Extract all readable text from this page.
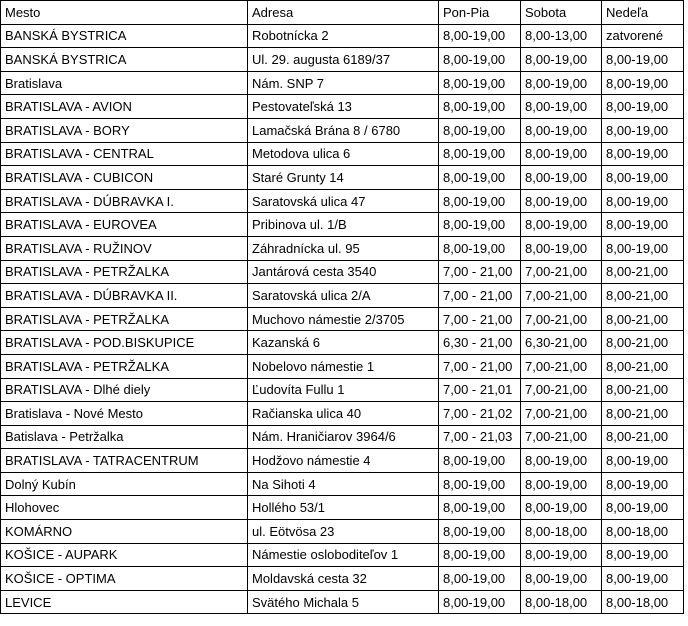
Mesto	Adresa	Pon-Pia	Sobota	Nedeľa
BANSKÁ BYSTRICA	Robotnícka 2	8,00-19,00	8,00-13,00	zatvorené
BANSKÁ BYSTRICA	Ul. 29. augusta 6189/37	8,00-19,00	8,00-19,00	8,00-19,00
Bratislava	Nám. SNP 7	8,00-19,00	8,00-19,00	8,00-19,00
BRATISLAVA - AVION	Pestovateľská 13	8,00-19,00	8,00-19,00	8,00-19,00
BRATISLAVA - BORY	Lamačská Brána 8 / 6780	8,00-19,00	8,00-19,00	8,00-19,00
BRATISLAVA - CENTRAL	Metodova ulica 6	8,00-19,00	8,00-19,00	8,00-19,00
BRATISLAVA - CUBICON	Staré Grunty 14	8,00-19,00	8,00-19,00	8,00-19,00
BRATISLAVA - DÚBRAVKA I.	Saratovská ulica 47	8,00-19,00	8,00-19,00	8,00-19,00
BRATISLAVA - EUROVEA	Pribinova ul. 1/B	8,00-19,00	8,00-19,00	8,00-19,00
BRATISLAVA - RUŽINOV	Záhradnícka ul. 95	8,00-19,00	8,00-19,00	8,00-19,00
BRATISLAVA - PETRŽALKA	Jantárová cesta 3540	7,00 - 21,00	7,00-21,00	8,00-21,00
BRATISLAVA - DÚBRAVKA II.	Saratovská ulica 2/A	7,00 - 21,00	7,00-21,00	8,00-21,00
BRATISLAVA - PETRŽALKA	Muchovo námestie 2/3705	7,00 - 21,00	7,00-21,00	8,00-21,00
BRATISLAVA - POD.BISKUPICE	Kazanská 6	6,30 - 21,00	6,30-21,00	8,00-21,00
BRATISLAVA - PETRŽALKA	Nobelovo námestie 1	7,00 - 21,00	7,00-21,00	8,00-21,00
BRATISLAVA - Dlhé diely	Ľudovíta Fullu 1	7,00 - 21,01	7,00-21,00	8,00-21,00
Bratislava - Nové Mesto	Račianska ulica 40	7,00 - 21,02	7,00-21,00	8,00-21,00
Batislava - Petržalka	Nám. Hraničiarov 3964/6	7,00 - 21,03	7,00-21,00	8,00-21,00
BRATISLAVA - TATRACENTRUM	Hodžovo námestie 4	8,00-19,00	8,00-19,00	8,00-19,00
Dolný Kubín	Na Sihoti 4	8,00-19,00	8,00-19,00	8,00-19,00
Hlohovec	Hollého 53/1	8,00-19,00	8,00-19,00	8,00-19,00
KOMÁRNO	ul. Eötvösa 23	8,00-19,00	8,00-18,00	8,00-18,00
KOŠICE - AUPARK	Námestie osloboditeľov 1	8,00-19,00	8,00-19,00	8,00-19,00
KOŠICE - OPTIMA	Moldavská cesta 32	8,00-19,00	8,00-19,00	8,00-19,00
LEVICE	Svätého Michala 5	8,00-19,00	8,00-18,00	8,00-18,00
